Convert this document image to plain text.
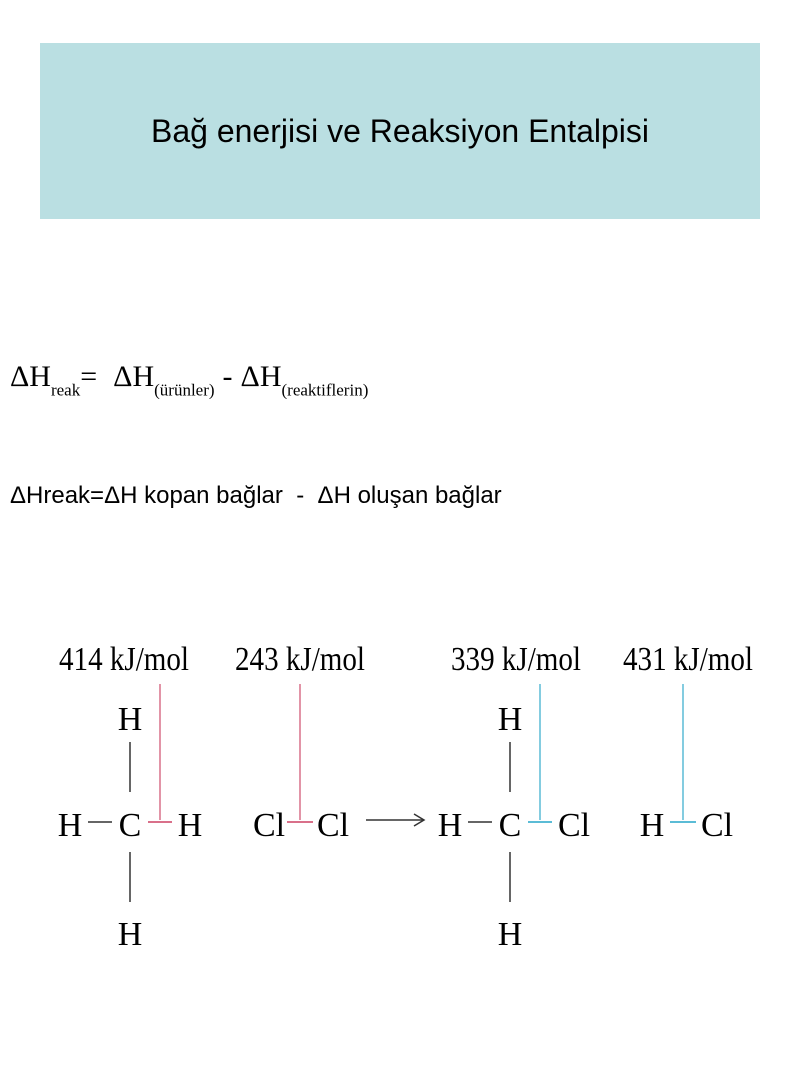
Bağ enerjisi ve Reaksiyon Entalpisi
$\Delta H_{reak}= \Delta H_{(ürünler)} - \Delta H_{(reaktiflerin)}$
ΔHreak=ΔH kopan bağlar  -  ΔH oluşan bağlar
414 kJ/mol 243 kJ/mol	339 kJ/mol 431 kJ/mol
H
H C H
H
Cl Cl
H
H C Cl
H
H Cl
